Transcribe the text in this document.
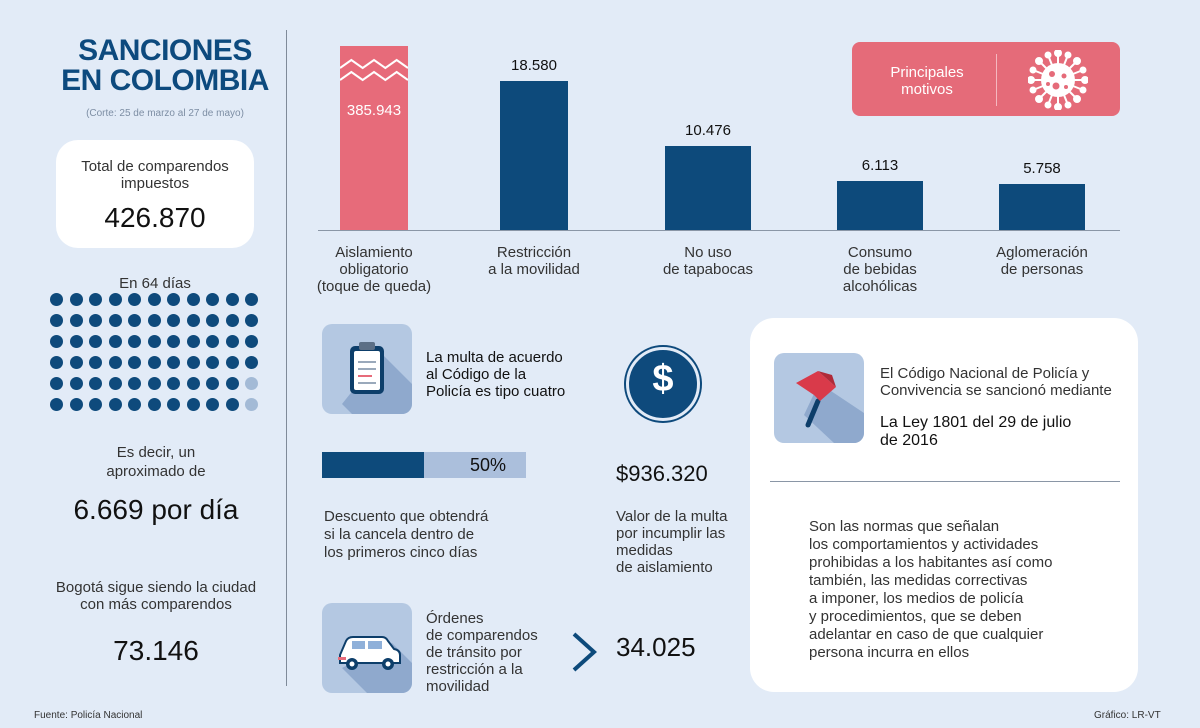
SANCIONES
EN COLOMBIA
(Corte: 25 de marzo al 27 de mayo)
Total de comparendos
impuestos
426.870
En 64 días
Es decir, un
aproximado de
6.669 por día
Bogotá sigue siendo la ciudad
con más comparendos
73.146
Fuente: Policía Nacional	Gráfico: LR-VT
385.943
Aislamiento
obligatorio
(toque de queda)
18.580
Restricción
a la movilidad
10.476
No uso
de tapabocas
6.113
Consumo
de bebidas
alcohólicas
5.758
Aglomeración
de personas
Principales
motivos
La multa de acuerdo
al Código de la
Policía es tipo cuatro
50%
Descuento que obtendrá
si la cancela dentro de
los primeros cinco días
$
$936.320
Valor de la multa
por incumplir las
medidas
de aislamiento
Órdenes
de comparendos
de tránsito por
restricción a la
movilidad
34.025
El Código Nacional de Policía y
Convivencia se sancionó mediante
La Ley 1801 del 29 de julio
de 2016
Son las normas que señalan
los comportamientos y actividades
prohibidas a los habitantes así como
también, las medidas correctivas
a imponer, los medios de policía
y procedimientos, que se deben
adelantar en caso de que cualquier
persona incurra en ellos
